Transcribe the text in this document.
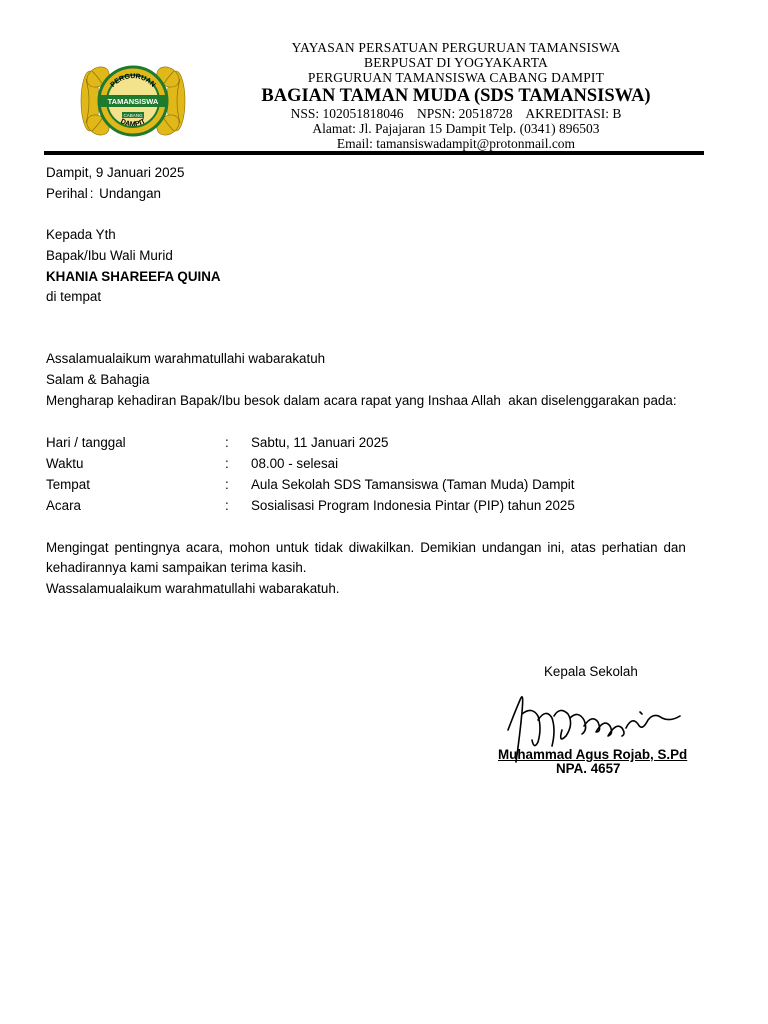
PERGURUAN
TAMANSISWA
CABANG
DAMPIT
YAYASAN PERSATUAN PERGURUAN TAMANSISWA
BERPUSAT DI YOGYAKARTA
PERGURUAN TAMANSISWA CABANG DAMPIT
BAGIAN TAMAN MUDA (SDS TAMANSISWA)
NSS: 102051818046    NPSN: 20518728    AKREDITASI: B
Alamat: Jl. Pajajaran 15 Dampit Telp. (0341) 896503
Email: tamansiswadampit@protonmail.com
Dampit, 9 Januari 2025
Perihal : Undangan
Kepada Yth
Bapak/Ibu Wali Murid
KHANIA SHAREEFA QUINA
di tempat
Assalamualaikum warahmatullahi wabarakatuh
Salam & Bahagia
Mengharap kehadiran Bapak/Ibu besok dalam acara rapat yang Inshaa Allah  akan diselenggarakan pada:
Hari / tanggal	: Sabtu, 11 Januari 2025
Waktu	: 08.00 - selesai
Tempat	: Aula Sekolah SDS Tamansiswa (Taman Muda) Dampit
Acara	: Sosialisasi Program Indonesia Pintar (PIP) tahun 2025
Mengingat pentingnya acara, mohon untuk tidak diwakilkan. Demikian undangan ini, atas perhatian dan
kehadirannya kami sampaikan terima kasih.
Wassalamualaikum warahmatullahi wabarakatuh.
Kepala Sekolah
Muhammad Agus Rojab, S.Pd
NPA. 4657
